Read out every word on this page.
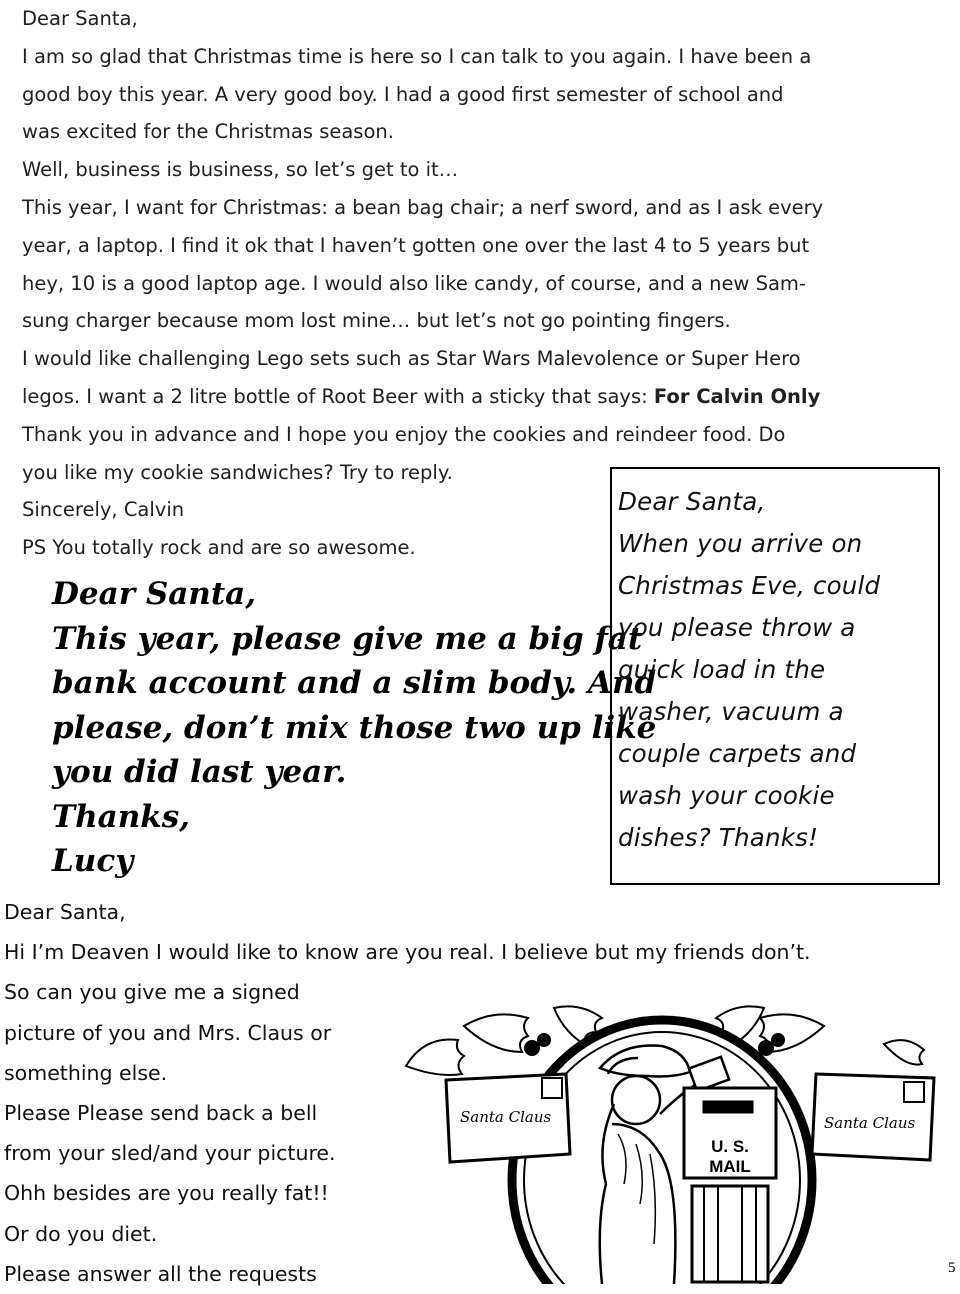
Dear Santa,
I am so glad that Christmas time is here so I can talk to you again. I have been a
good boy this year. A very good boy. I had a good first semester of school and
was excited for the Christmas season.
Well, business is business, so let’s get to it…
This year, I want for Christmas: a bean bag chair; a nerf sword, and as I ask every
year, a laptop. I find it ok that I haven’t gotten one over the last 4 to 5 years but
hey, 10 is a good laptop age. I would also like candy, of course, and a new Sam-
sung charger because mom lost mine… but let’s not go pointing fingers.
I would like challenging Lego sets such as Star Wars Malevolence or Super Hero
legos. I want a 2 litre bottle of Root Beer with a sticky that says: For Calvin Only
Thank you in advance and I hope you enjoy the cookies and reindeer food. Do
you like my cookie sandwiches? Try to reply.
Sincerely, Calvin
PS You totally rock and are so awesome.
Dear Santa,
This year, please give me a big fat
bank account and a slim body. And
please, don’t mix those two up like
you did last year.
Thanks,
Lucy
Dear Santa,
When you arrive on
Christmas Eve, could
you please throw a
quick load in the
washer, vacuum a
couple carpets and
wash your cookie
dishes? Thanks!
Dear Santa,
Hi I’m Deaven I would like to know are you real. I believe but my friends don’t.
So can you give me a signed
picture of you and Mrs. Claus or
something else.
Please Please send back a bell
from your sled/and your picture.
Ohh besides are you really fat!!
Or do you diet.
Please answer all the requests
Santa Claus	Santa Claus
U. S.
MAIL
5
